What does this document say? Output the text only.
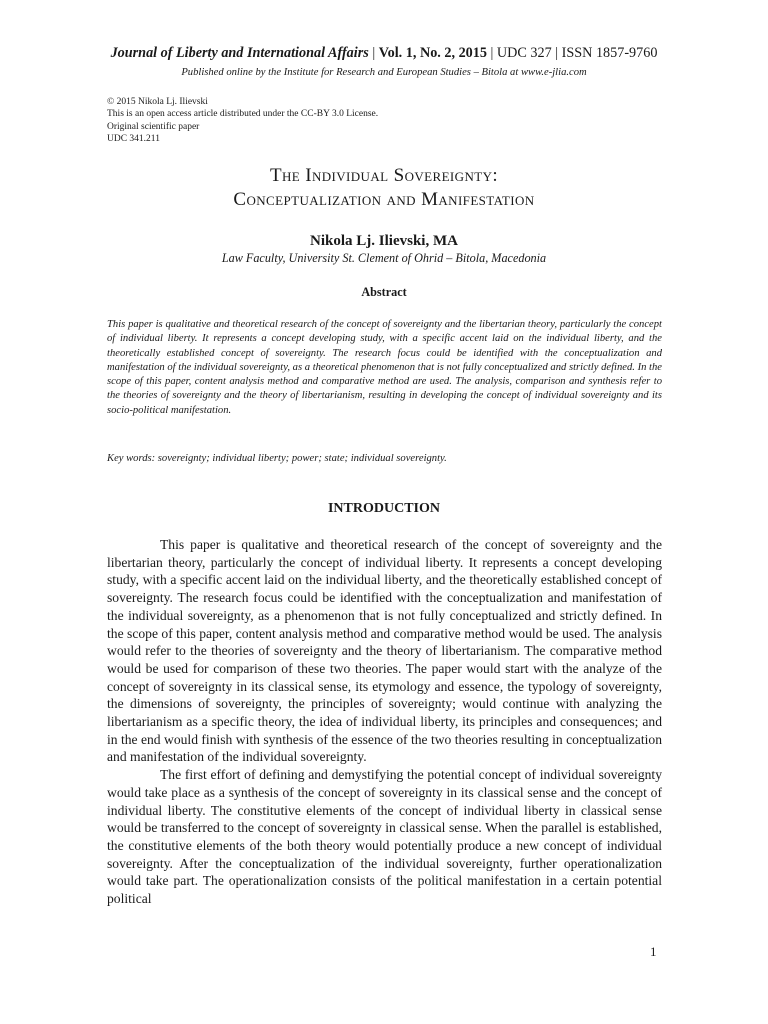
Journal of Liberty and International Affairs | Vol. 1, No. 2, 2015 | UDC 327 | ISSN 1857-9760
Published online by the Institute for Research and European Studies – Bitola at www.e-jlia.com
© 2015 Nikola Lj. Ilievski
This is an open access article distributed under the CC-BY 3.0 License.
Original scientific paper
UDC 341.211
The Individual Sovereignty:
Conceptualization and Manifestation
Nikola Lj. Ilievski, MA
Law Faculty, University St. Clement of Ohrid – Bitola, Macedonia
Abstract
This paper is qualitative and theoretical research of the concept of sovereignty and the libertarian theory, particularly the concept of individual liberty. It represents a concept developing study, with a specific accent laid on the individual liberty, and the theoretically established concept of sovereignty. The research focus could be identified with the conceptualization and manifestation of the individual sovereignty, as a theoretical phenomenon that is not fully conceptualized and strictly defined. In the scope of this paper, content analysis method and comparative method are used. The analysis, comparison and synthesis refer to the theories of sovereignty and the theory of libertarianism, resulting in developing the concept of individual sovereignty and its socio-political manifestation.
Key words: sovereignty; individual liberty; power; state; individual sovereignty.
INTRODUCTION

This paper is qualitative and theoretical research of the concept of sovereignty and the libertarian theory, particularly the concept of individual liberty. It represents a concept developing study, with a specific accent laid on the individual liberty, and the theoretically established concept of sovereignty. The research focus could be identified with the conceptualization and manifestation of the individual sovereignty, as a phenomenon that is not fully conceptualized and strictly defined. In the scope of this paper, content analysis method and comparative method would be used. The analysis would refer to the theories of sovereignty and the theory of libertarianism. The comparative method would be used for comparison of these two theories. The paper would start with the analyze of the concept of sovereignty in its classical sense, its etymology and essence, the typology of sovereignty, the dimensions of sovereignty, the principles of sovereignty; would continue with analyzing the libertarianism as a specific theory, the idea of individual liberty, its principles and consequences; and in the end would finish with synthesis of the essence of the two theories resulting in conceptualization and manifestation of the individual sovereignty.

The first effort of defining and demystifying the potential concept of individual sovereignty would take place as a synthesis of the concept of sovereignty in its classical sense and the concept of individual liberty. The constitutive elements of the concept of individual liberty in classical sense would be transferred to the concept of sovereignty in classical sense. When the parallel is established, the constitutive elements of the both theory would potentially produce a new concept of individual sovereignty. After the conceptualization of the individual sovereignty, further operationalization would take part. The operationalization consists of the political manifestation in a certain potential political

1
